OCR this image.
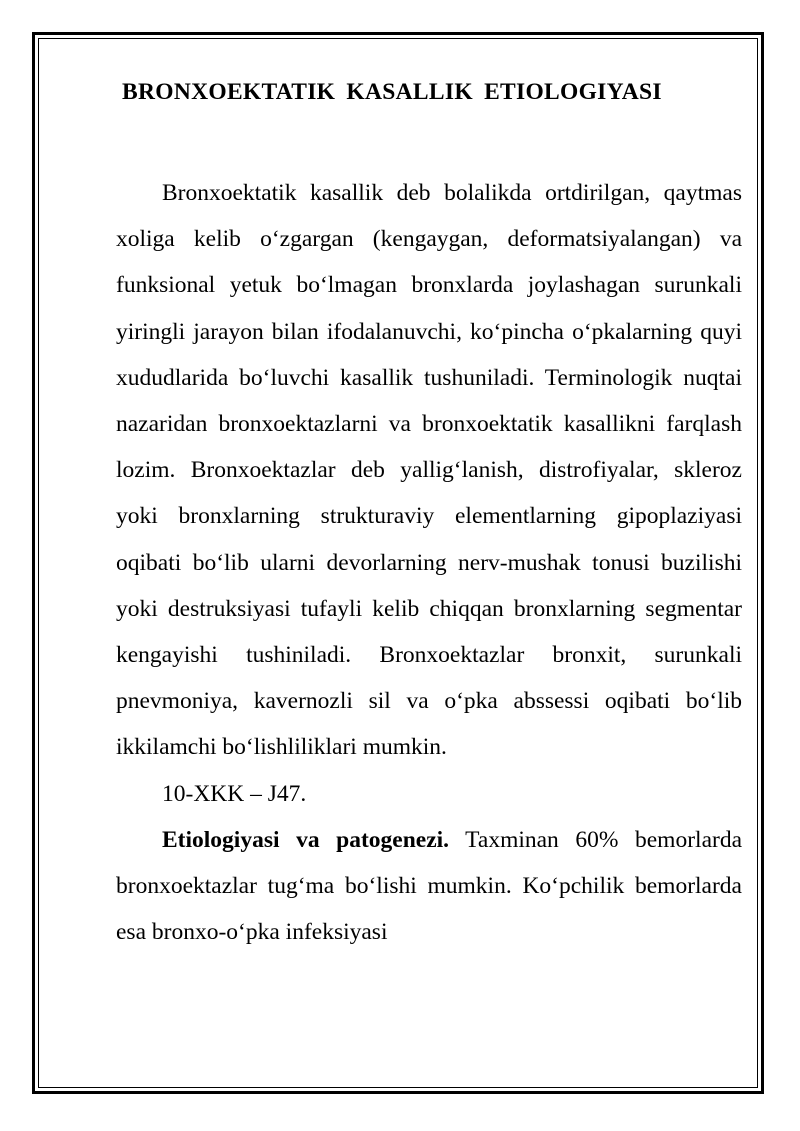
BRONXOEKTATIK KASALLIK ETIOLOGIYASI

Bronxoektatik kasallik deb bolalikda ortdirilgan, qaytmas xoliga kelib o‘zgargan (kengaygan, deformatsiyalangan) va funksional yetuk bo‘lmagan bronxlarda joylashagan surunkali yiringli jarayon bilan ifodalanuvchi, ko‘pincha o‘pkalarning quyi xududlarida bo‘luvchi kasallik tushuniladi. Terminologik nuqtai nazaridan bronxoektazlarni va bronxoektatik kasallikni farqlash lozim. Bronxoektazlar deb yallig‘lanish, distrofiyalar, skleroz yoki bronxlarning strukturaviy elementlarning gipoplaziyasi oqibati bo‘lib ularni devorlarning nerv-mushak tonusi buzilishi yoki destruksiyasi tufayli kelib chiqqan bronxlarning segmentar kengayishi tushiniladi. Bronxoektazlar bronxit, surunkali pnevmoniya, kavernozli sil va o‘pka abssessi oqibati bo‘lib ikkilamchi bo‘lishliliklari mumkin.

10-XKK – J47.

Etiologiyasi va patogenezi. Taxminan 60% bemorlarda bronxoektazlar tug‘ma bo‘lishi mumkin. Ko‘pchilik bemorlarda esa bronxo-o‘pka infeksiyasi
